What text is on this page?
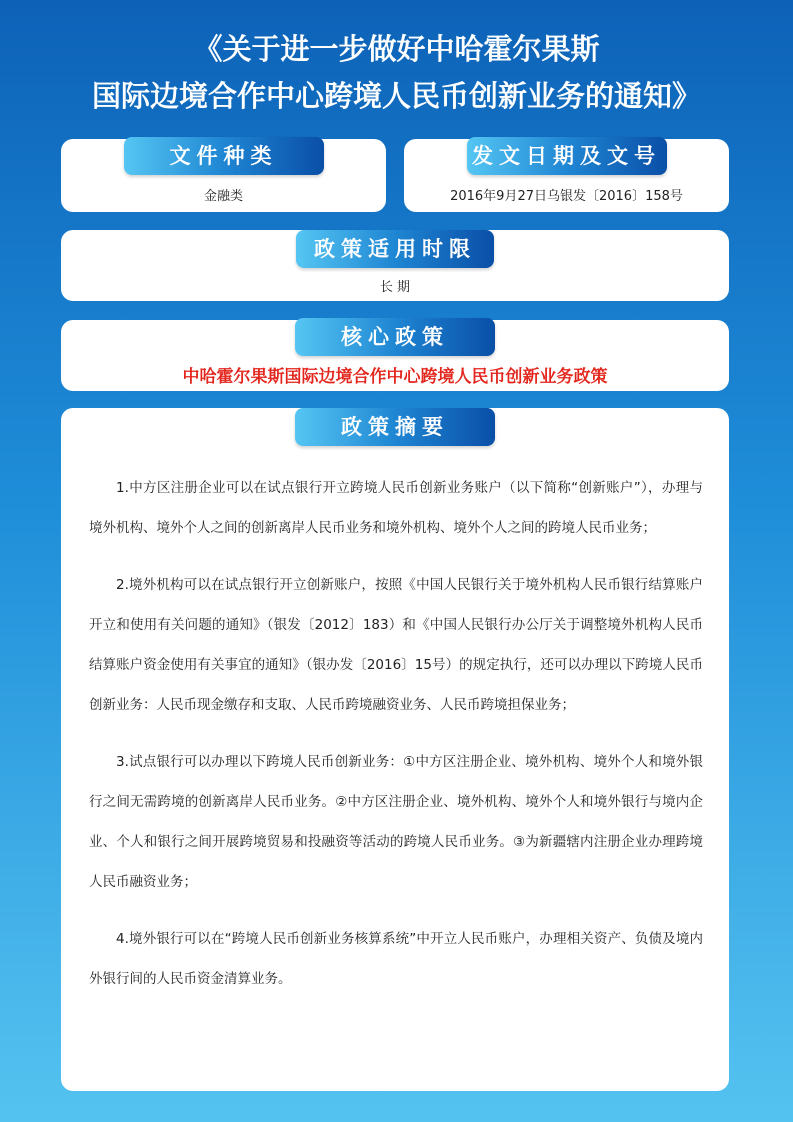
《关于进一步做好中哈霍尔果斯
国际边境合作中心跨境人民币创新业务的通知》
文件种类
金融类
发文日期及文号
2016年9月27日乌银发〔2016〕158号
政策适用时限
长 期
核心政策
中哈霍尔果斯国际边境合作中心跨境人民币创新业务政策
政策摘要

1.中方区注册企业可以在试点银行开立跨境人民币创新业务账户（以下简称“创新账户”），办理与境外机构、境外个人之间的创新离岸人民币业务和境外机构、境外个人之间的跨境人民币业务；

2.境外机构可以在试点银行开立创新账户，按照《中国人民银行关于境外机构人民币银行结算账户开立和使用有关问题的通知》（银发〔2012〕183）和《中国人民银行办公厅关于调整境外机构人民币结算账户资金使用有关事宜的通知》（银办发〔2016〕15号）的规定执行，还可以办理以下跨境人民币创新业务：人民币现金缴存和支取、人民币跨境融资业务、人民币跨境担保业务；

3.试点银行可以办理以下跨境人民币创新业务：①中方区注册企业、境外机构、境外个人和境外银行之间无需跨境的创新离岸人民币业务。②中方区注册企业、境外机构、境外个人和境外银行与境内企业、个人和银行之间开展跨境贸易和投融资等活动的跨境人民币业务。③为新疆辖内注册企业办理跨境人民币融资业务；

4.境外银行可以在“跨境人民币创新业务核算系统”中开立人民币账户，办理相关资产、负债及境内外银行间的人民币资金清算业务。
